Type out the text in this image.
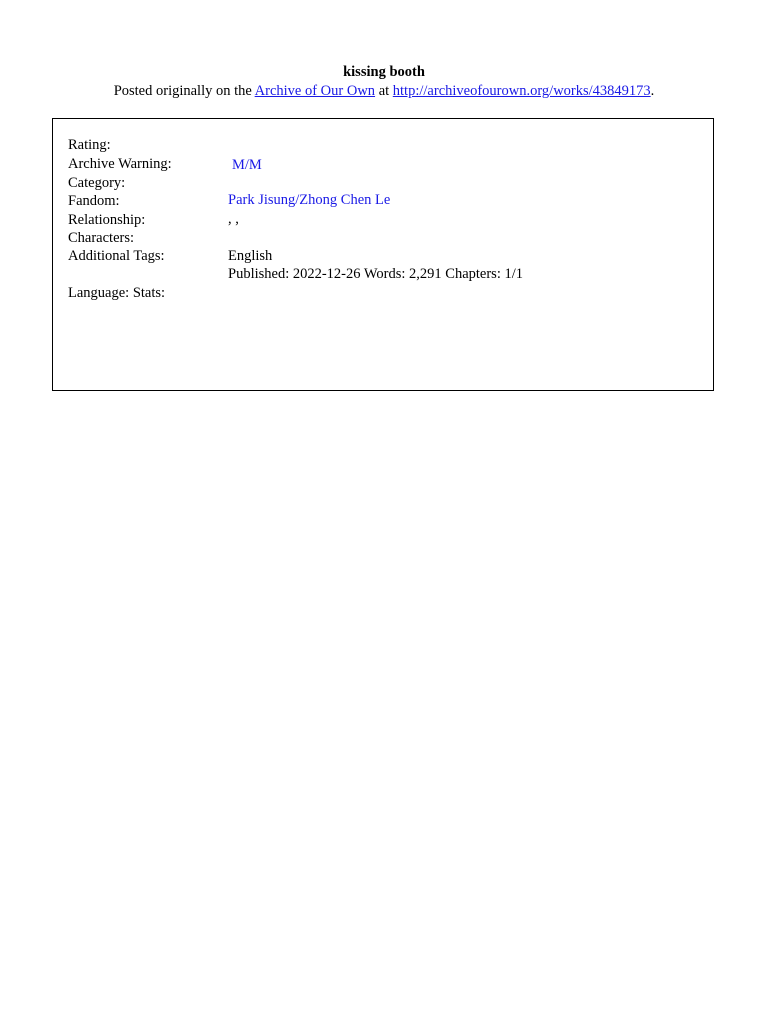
kissing booth
Posted originally on the Archive of Our Own at http://archiveofourown.org/works/43849173.
Rating:
Archive Warning:
Category:
Fandom:
Relationship:
Characters:
Additional Tags:
Language: Stats:
M/M
Park Jisung/Zhong Chen Le
, ,
English
Published: 2022-12-26 Words: 2,291 Chapters: 1/1
